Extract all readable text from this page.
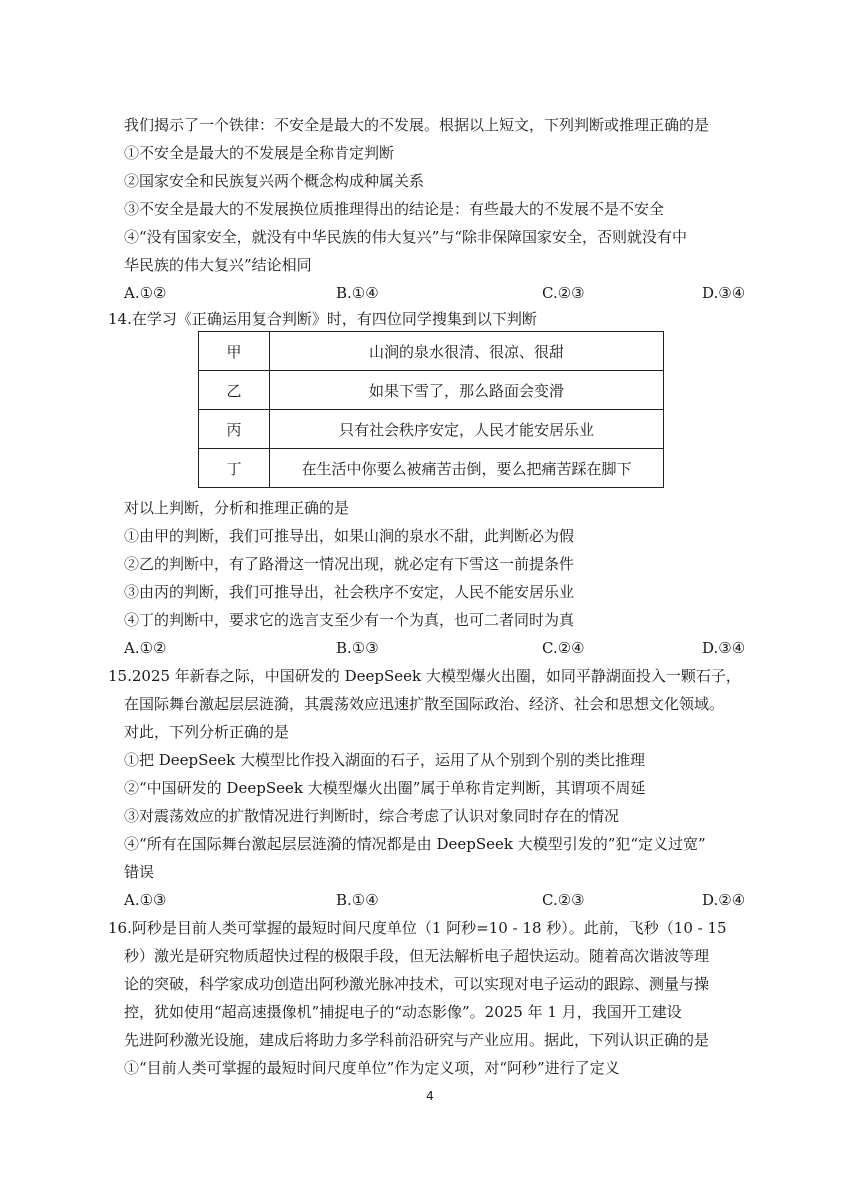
我们揭示了一个铁律：不安全是最大的不发展。根据以上短文，下列判断或推理正确的是
①不安全是最大的不发展是全称肯定判断
②国家安全和民族复兴两个概念构成种属关系
③不安全是最大的不发展换位质推理得出的结论是：有些最大的不发展不是不安全
④“没有国家安全，就没有中华民族的伟大复兴”与“除非保障国家安全，否则就没有中
华民族的伟大复兴”结论相同
A.①②	B.①④	C.②③	D.③④
14.在学习《正确运用复合判断》时，有四位同学搜集到以下判断
甲	山涧的泉水很清、很凉、很甜
乙	如果下雪了，那么路面会变滑
丙	只有社会秩序安定，人民才能安居乐业
丁	在生活中你要么被痛苦击倒，要么把痛苦踩在脚下
对以上判断，分析和推理正确的是
①由甲的判断，我们可推导出，如果山涧的泉水不甜，此判断必为假
②乙的判断中，有了路滑这一情况出现，就必定有下雪这一前提条件
③由丙的判断，我们可推导出，社会秩序不安定，人民不能安居乐业
④丁的判断中，要求它的选言支至少有一个为真，也可二者同时为真
A.①②	B.①③	C.②④	D.③④
15.2025 年新春之际，中国研发的 DeepSeek 大模型爆火出圈，如同平静湖面投入一颗石子，
在国际舞台激起层层涟漪，其震荡效应迅速扩散至国际政治、经济、社会和思想文化领域。
对此，下列分析正确的是
①把 DeepSeek 大模型比作投入湖面的石子，运用了从个别到个别的类比推理
②“中国研发的 DeepSeek 大模型爆火出圈”属于单称肯定判断，其谓项不周延
③对震荡效应的扩散情况进行判断时，综合考虑了认识对象同时存在的情况
④“所有在国际舞台激起层层涟漪的情况都是由 DeepSeek 大模型引发的”犯“定义过宽”
错误
A.①③	B.①④	C.②③	D.②④
16.阿秒是目前人类可掌握的最短时间尺度单位（1 阿秒=10 - 18 秒）。此前，飞秒（10 - 15
秒）激光是研究物质超快过程的极限手段，但无法解析电子超快运动。随着高次谐波等理
论的突破，科学家成功创造出阿秒激光脉冲技术，可以实现对电子运动的跟踪、测量与操
控，犹如使用“超高速摄像机”捕捉电子的“动态影像”。2025 年 1 月，我国开工建设
先进阿秒激光设施，建成后将助力多学科前沿研究与产业应用。据此，下列认识正确的是
①“目前人类可掌握的最短时间尺度单位”作为定义项，对“阿秒”进行了定义
4
